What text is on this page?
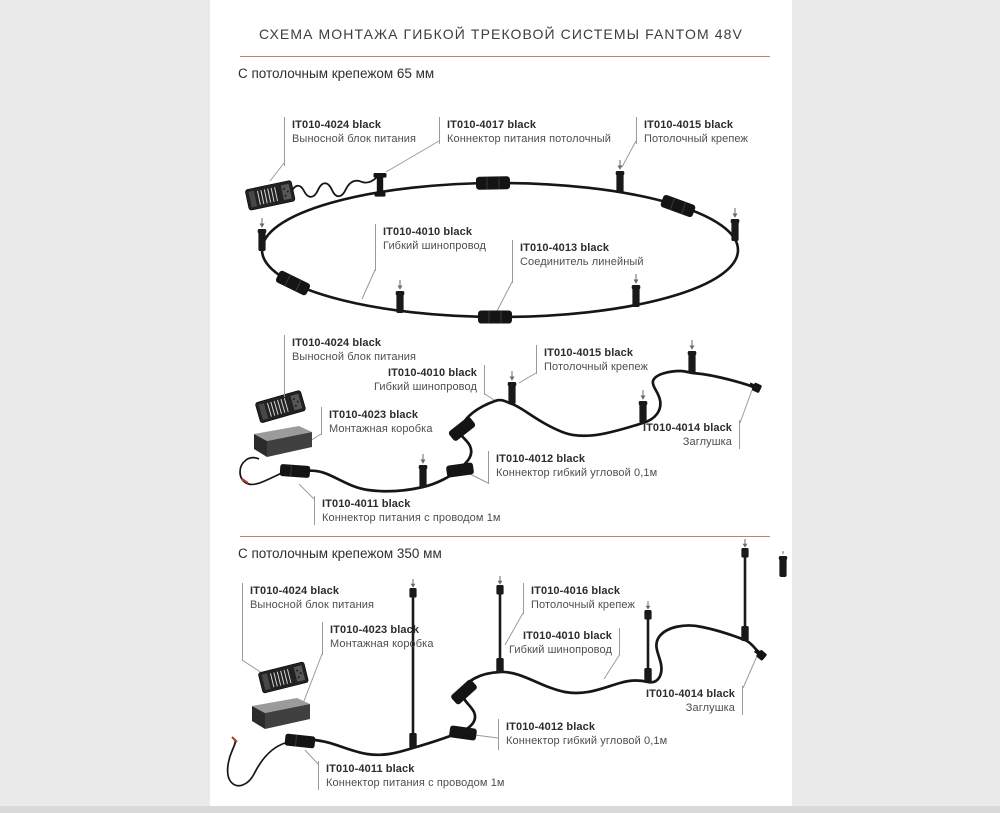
СХЕМА МОНТАЖА ГИБКОЙ ТРЕКОВОЙ СИСТЕМЫ FANTOM 48V
С потолочным крепежом 65 мм
С потолочным крепежом 350 мм
IT010-4024 black
Выносной блок питания
IT010-4017 black
Коннектор питания потолочный
IT010-4015 black
Потолочный крепеж
IT010-4010 black
Гибкий шинопровод	IT010-4013 black
Соединитель линейный
IT010-4024 black
Выносной блок питания
IT010-4010 black
Гибкий шинопровод
IT010-4015 black
Потолочный крепеж
IT010-4023 black
Монтажная коробка	IT010-4014 black
Заглушка
IT010-4012 black
Коннектор гибкий угловой 0,1м
IT010-4011 black
Коннектор питания с проводом 1м
IT010-4024 black
Выносной блок питания
IT010-4023 black
Монтажная коробка
IT010-4016 black
Потолочный крепеж
IT010-4010 black
Гибкий шинопровод
IT010-4014 black
Заглушка
IT010-4012 black
Коннектор гибкий угловой 0,1м
IT010-4011 black
Коннектор питания с проводом 1м
